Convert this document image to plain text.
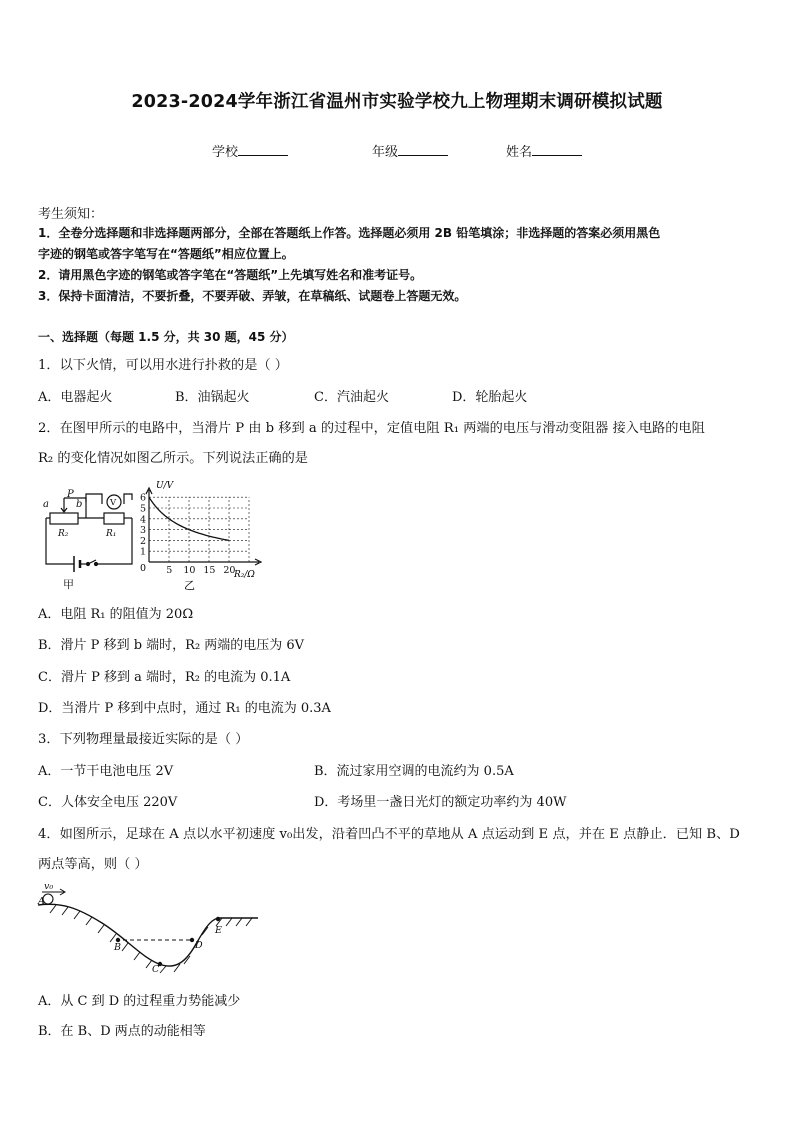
2023-2024学年浙江省温州市实验学校九上物理期末调研模拟试题
学校	年级	姓名
考生须知：
1．全卷分选择题和非选择题两部分，全部在答题纸上作答。选择题必须用 2B 铅笔填涂；非选择题的答案必须用黑色
字迹的钢笔或答字笔写在“答题纸”相应位置上。
2．请用黑色字迹的钢笔或答字笔在“答题纸”上先填写姓名和准考证号。
3．保持卡面清洁，不要折叠，不要弄破、弄皱，在草稿纸、试题卷上答题无效。
一、选择题（每题 1.5 分，共 30 题，45 分）
1．以下火情，可以用水进行扑救的是（ ）
A．电器起火	B．油锅起火	C．汽油起火	D．轮胎起火
2．在图甲所示的电路中，当滑片 P 由 b 移到 a 的过程中，定值电阻 R₁ 两端的电压与滑动变阻器 接入电路的电阻
R₂ 的变化情况如图乙所示。下列说法正确的是
a
P
b	V
R₂	R₁
甲
1
2
3
4
5
6
5 10 15 20
0
U/V
R₂/Ω
乙
A．电阻 R₁ 的阻值为 20Ω
B．滑片 P 移到 b 端时，R₂ 两端的电压为 6V
C．滑片 P 移到 a 端时，R₂ 的电流为 0.1A
D．当滑片 P 移到中点时，通过 R₁ 的电流为 0.3A
3．下列物理量最接近实际的是（ ）
A．一节干电池电压 2V	B．流过家用空调的电流约为 0.5A
C．人体安全电压 220V	D．考场里一盏日光灯的额定功率约为 40W
4．如图所示，足球在 A 点以水平初速度 v₀出发，沿着凹凸不平的草地从 A 点运动到 E 点，并在 E 点静止．已知 B、D
两点等高，则（ ）
v₀
A
B
C
D
E
A．从 C 到 D 的过程重力势能减少
B．在 B、D 两点的动能相等
